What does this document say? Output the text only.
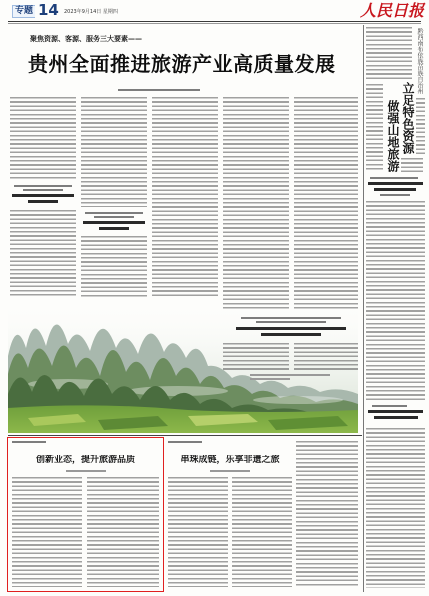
专题 14 2023年9月14日 星期四	人民日报
聚焦资源、客源、服务三大要素——
贵州全面推进旅游产业高质量发展	黔西南布依族苗族自治州
立足特色资源
做强山地旅游
创新业态，提升旅游品质	串珠成链，乐享非遗之旅
